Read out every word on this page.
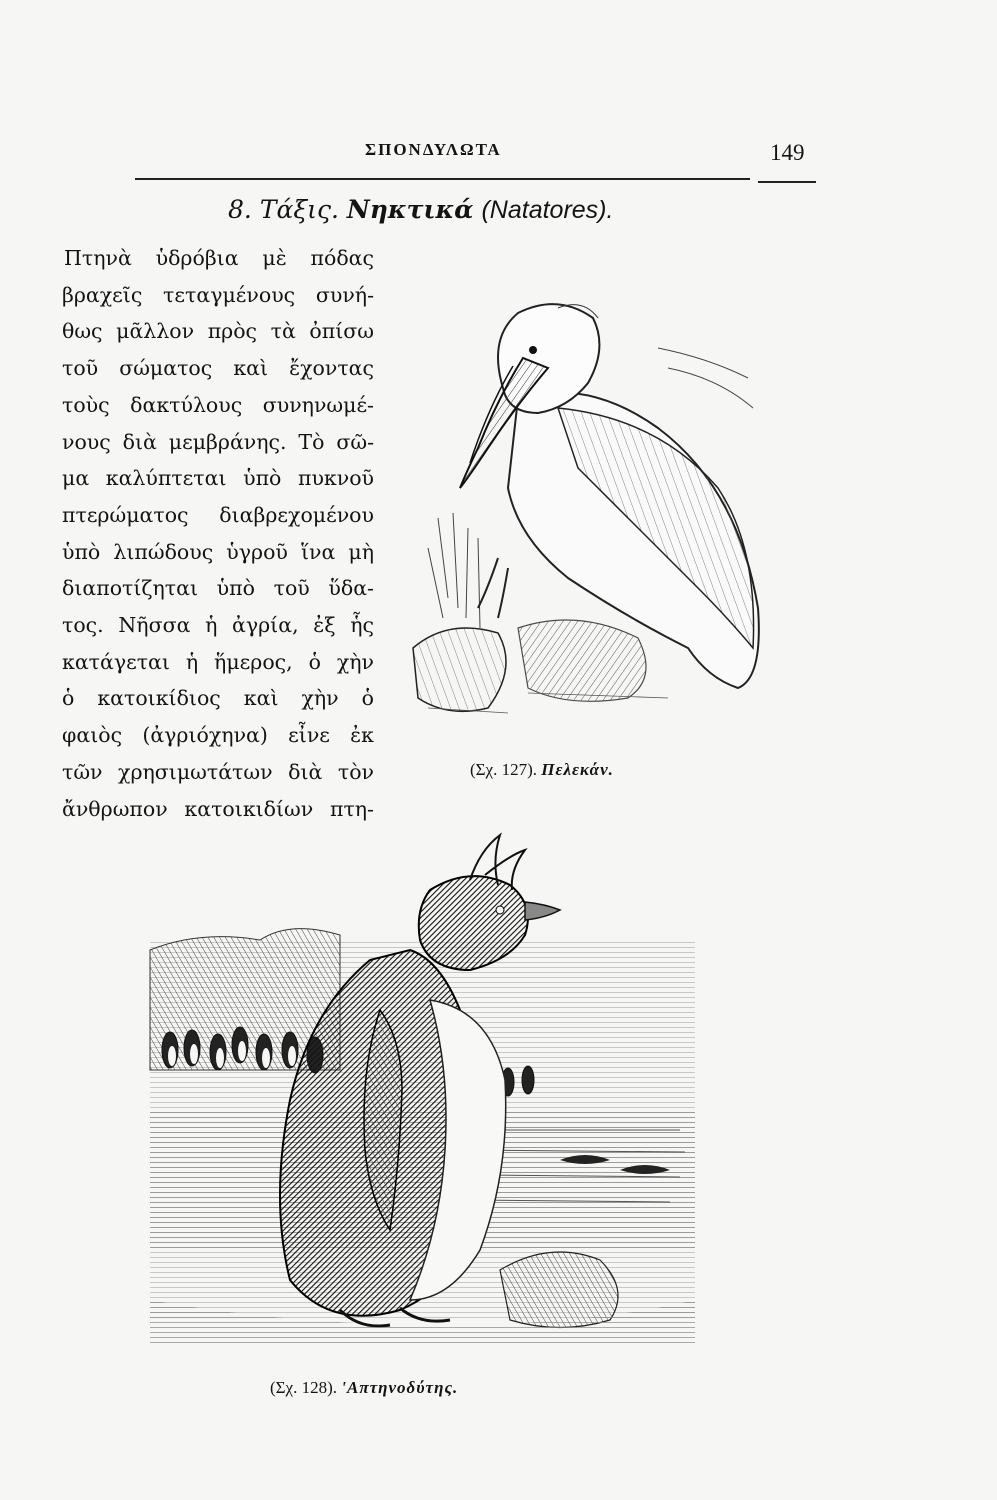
ΣΠΟΝΔΥΛΩΤΑ	149
8. Τάξις. Νηκτικά (Natatores).
Πτηνὰ ὑδρόβια μὲ πόδας
βραχεῖς τεταγμένους συνή-
θως μᾶλλον πρὸς τὰ ὀπίσω
τοῦ σώματος καὶ ἔχοντας
τοὺς δακτύλους συνηνωμέ-
νους διὰ μεμβράνης. Τὸ σῶ-
μα καλύπτεται ὑπὸ πυκνοῦ
πτερώματος διαβρεχομένου
ὑπὸ λιπώδους ὑγροῦ ἵνα μὴ
διαποτίζηται ὑπὸ τοῦ ὕδα-
τος. Νῆσσα ἡ ἀγρία, ἐξ ἧς
κατάγεται ἡ ἥμερος, ὁ χὴν
ὁ κατοικίδιος καὶ χὴν ὁ
φαιὸς (ἀγριόχηνα) εἶνε ἐκ
τῶν χρησιμωτάτων διὰ τὸν
ἄνθρωπον κατοικιδίων πτη-
(Σχ. 127). Πελεκάν.
(Σχ. 128). 'Απτηνοδύτης.
